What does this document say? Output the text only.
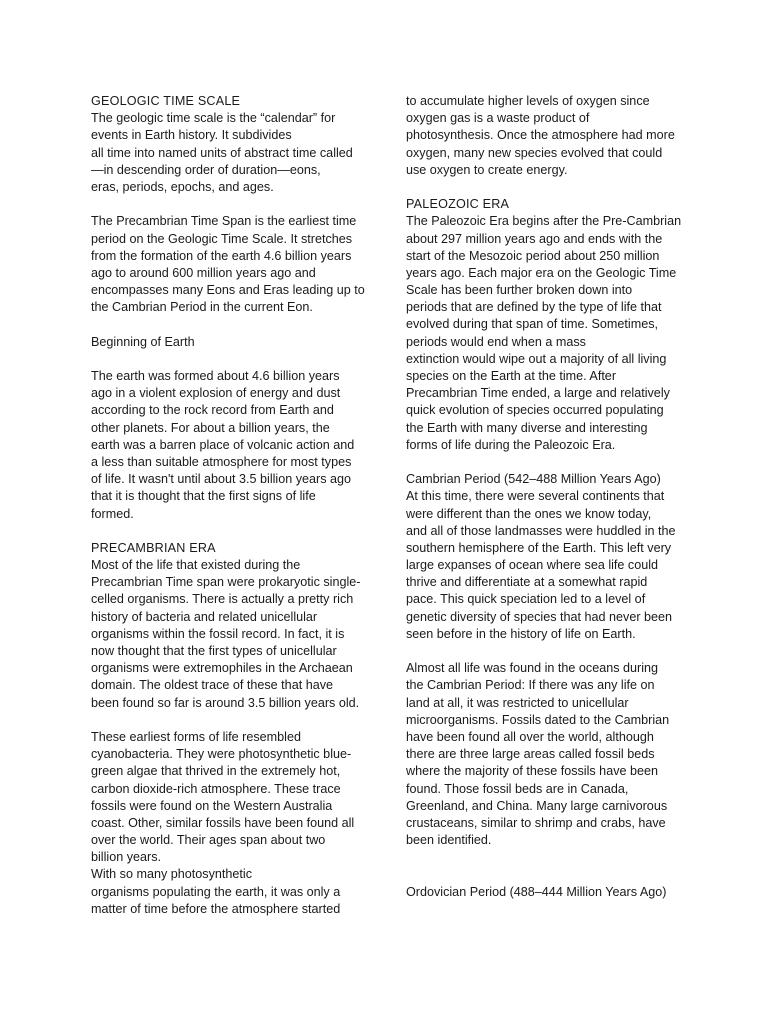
GEOLOGIC TIME SCALE
The geologic time scale is the “calendar” for
events in Earth history. It subdivides
all time into named units of abstract time called
—in descending order of duration—eons,
eras, periods, epochs, and ages.
The Precambrian Time Span is the earliest time
period on the Geologic Time Scale. It stretches
from the formation of the earth 4.6 billion years
ago to around 600 million years ago and
encompasses many Eons and Eras leading up to
the Cambrian Period in the current Eon.
Beginning of Earth
The earth was formed about 4.6 billion years
ago in a violent explosion of energy and dust
according to the rock record from Earth and
other planets. For about a billion years, the
earth was a barren place of volcanic action and
a less than suitable atmosphere for most types
of life. It wasn't until about 3.5 billion years ago
that it is thought that the first signs of life
formed.
PRECAMBRIAN ERA
Most of the life that existed during the
Precambrian Time span were prokaryotic single-
celled organisms. There is actually a pretty rich
history of bacteria and related unicellular
organisms within the fossil record. In fact, it is
now thought that the first types of unicellular
organisms were extremophiles in the Archaean
domain. The oldest trace of these that have
been found so far is around 3.5 billion years old.
These earliest forms of life resembled
cyanobacteria. They were photosynthetic blue-
green algae that thrived in the extremely hot,
carbon dioxide-rich atmosphere. These trace
fossils were found on the Western Australia
coast. Other, similar fossils have been found all
over the world. Their ages span about two
billion years.
With so many photosynthetic
organisms populating the earth, it was only a
matter of time before the atmosphere started
to accumulate higher levels of oxygen since
oxygen gas is a waste product of
photosynthesis. Once the atmosphere had more
oxygen, many new species evolved that could
use oxygen to create energy.
PALEOZOIC ERA
The Paleozoic Era begins after the Pre-Cambrian
about 297 million years ago and ends with the
start of the Mesozoic period about 250 million
years ago. Each major era on the Geologic Time
Scale has been further broken down into
periods that are defined by the type of life that
evolved during that span of time. Sometimes,
periods would end when a mass
extinction would wipe out a majority of all living
species on the Earth at the time. After
Precambrian Time ended, a large and relatively
quick evolution of species occurred populating
the Earth with many diverse and interesting
forms of life during the Paleozoic Era.
Cambrian Period (542–488 Million Years Ago)
At this time, there were several continents that
were different than the ones we know today,
and all of those landmasses were huddled in the
southern hemisphere of the Earth. This left very
large expanses of ocean where sea life could
thrive and differentiate at a somewhat rapid
pace. This quick speciation led to a level of
genetic diversity of species that had never been
seen before in the history of life on Earth.
Almost all life was found in the oceans during
the Cambrian Period: If there was any life on
land at all, it was restricted to unicellular
microorganisms. Fossils dated to the Cambrian
have been found all over the world, although
there are three large areas called fossil beds
where the majority of these fossils have been
found. Those fossil beds are in Canada,
Greenland, and China. Many large carnivorous
crustaceans, similar to shrimp and crabs, have
been identified.
Ordovician Period (488–444 Million Years Ago)
